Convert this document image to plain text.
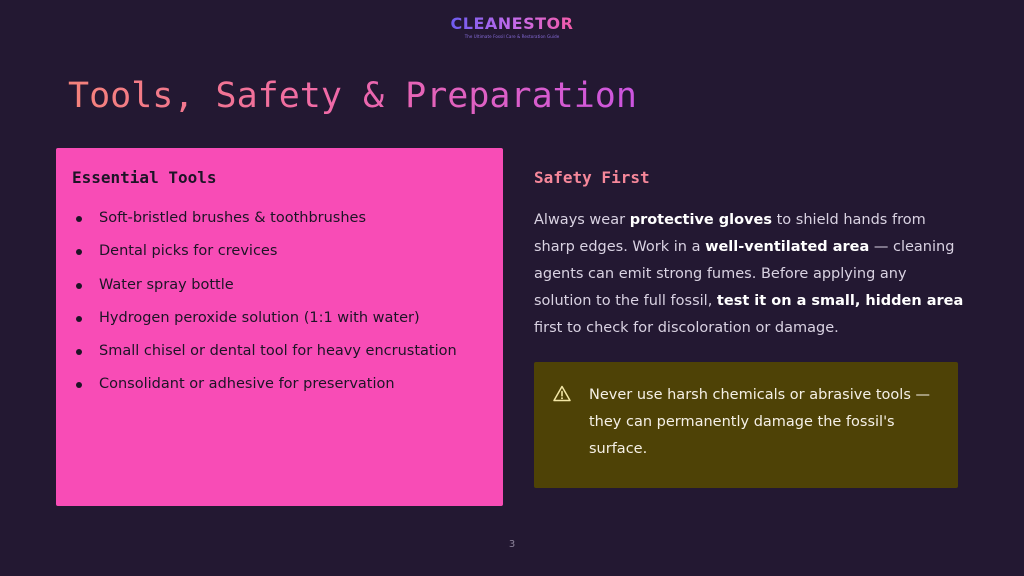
CLEANESTOR
The Ultimate Fossil Care & Restoration Guide
Tools, Safety & Preparation
Essential Tools
Soft-bristled brushes & toothbrushes
Dental picks for crevices
Water spray bottle
Hydrogen peroxide solution (1:1 with water)
Small chisel or dental tool for heavy encrustation
Consolidant or adhesive for preservation
Safety First

Always wear protective gloves to shield hands from sharp edges. Work in a well-ventilated area — cleaning agents can emit strong fumes. Before applying any solution to the full fossil, test it on a small, hidden area first to check for discoloration or damage.

Never use harsh chemicals or abrasive tools — they can permanently damage the fossil's surface.

3
